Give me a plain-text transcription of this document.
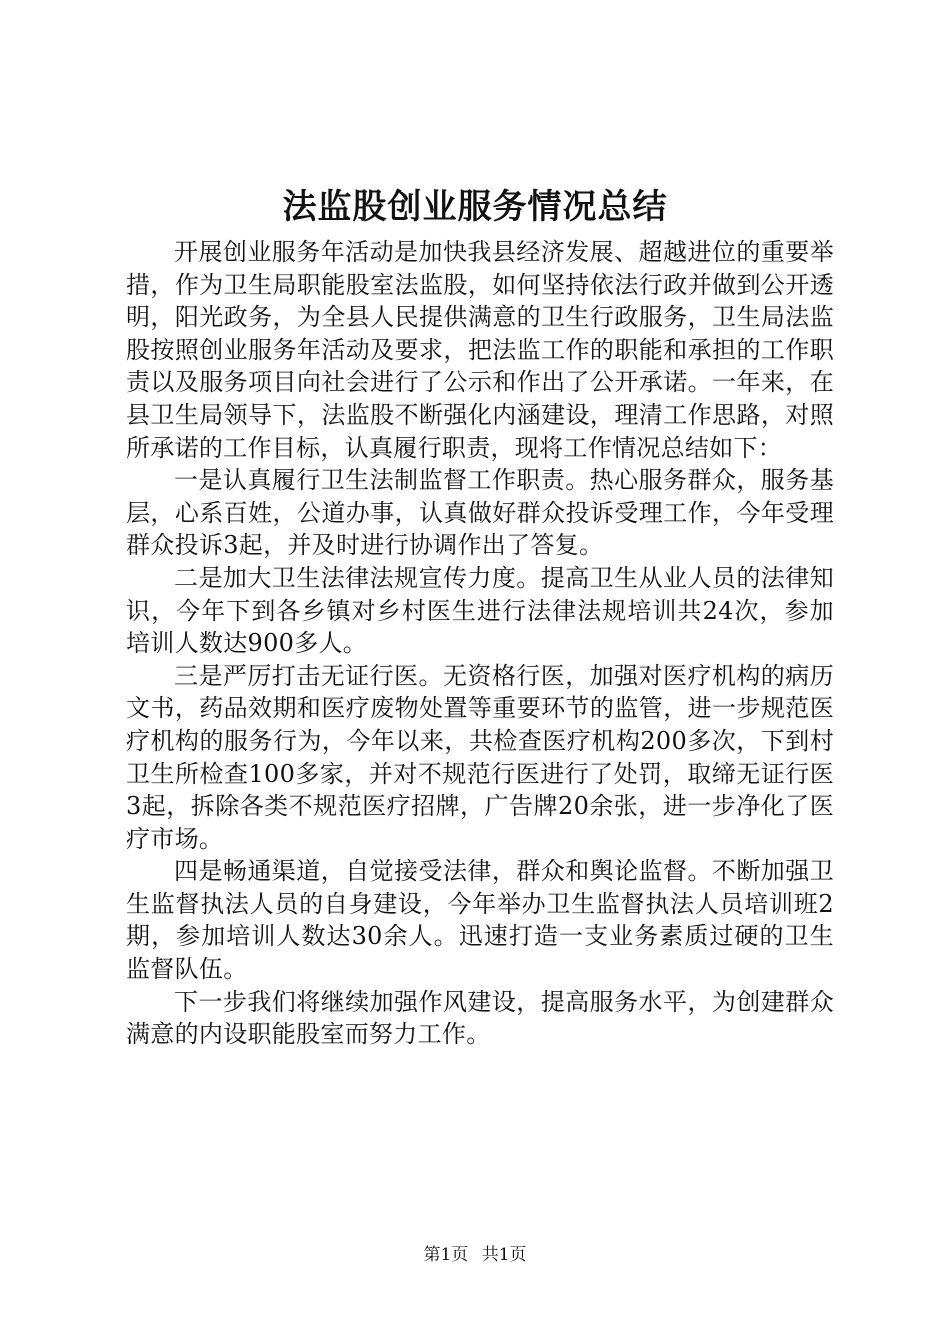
法监股创业服务情况总结

开展创业服务年活动是加快我县经济发展、超越进位的重要举措，作为卫生局职能股室法监股，如何坚持依法行政并做到公开透明，阳光政务，为全县人民提供满意的卫生行政服务，卫生局法监股按照创业服务年活动及要求，把法监工作的职能和承担的工作职责以及服务项目向社会进行了公示和作出了公开承诺。一年来，在县卫生局领导下，法监股不断强化内涵建设，理清工作思路，对照所承诺的工作目标，认真履行职责，现将工作情况总结如下：

一是认真履行卫生法制监督工作职责。热心服务群众，服务基层，心系百姓，公道办事，认真做好群众投诉受理工作，今年受理群众投诉3起，并及时进行协调作出了答复。

二是加大卫生法律法规宣传力度。提高卫生从业人员的法律知识，今年下到各乡镇对乡村医生进行法律法规培训共24次，参加培训人数达900多人。

三是严厉打击无证行医。无资格行医，加强对医疗机构的病历文书，药品效期和医疗废物处置等重要环节的监管，进一步规范医疗机构的服务行为，今年以来，共检查医疗机构200多次，下到村卫生所检查100多家，并对不规范行医进行了处罚，取缔无证行医3起，拆除各类不规范医疗招牌，广告牌20余张，进一步净化了医疗市场。

四是畅通渠道，自觉接受法律，群众和舆论监督。不断加强卫生监督执法人员的自身建设，今年举办卫生监督执法人员培训班2期，参加培训人数达30余人。迅速打造一支业务素质过硬的卫生监督队伍。

下一步我们将继续加强作风建设，提高服务水平，为创建群众满意的内设职能股室而努力工作。

第1页 共1页
